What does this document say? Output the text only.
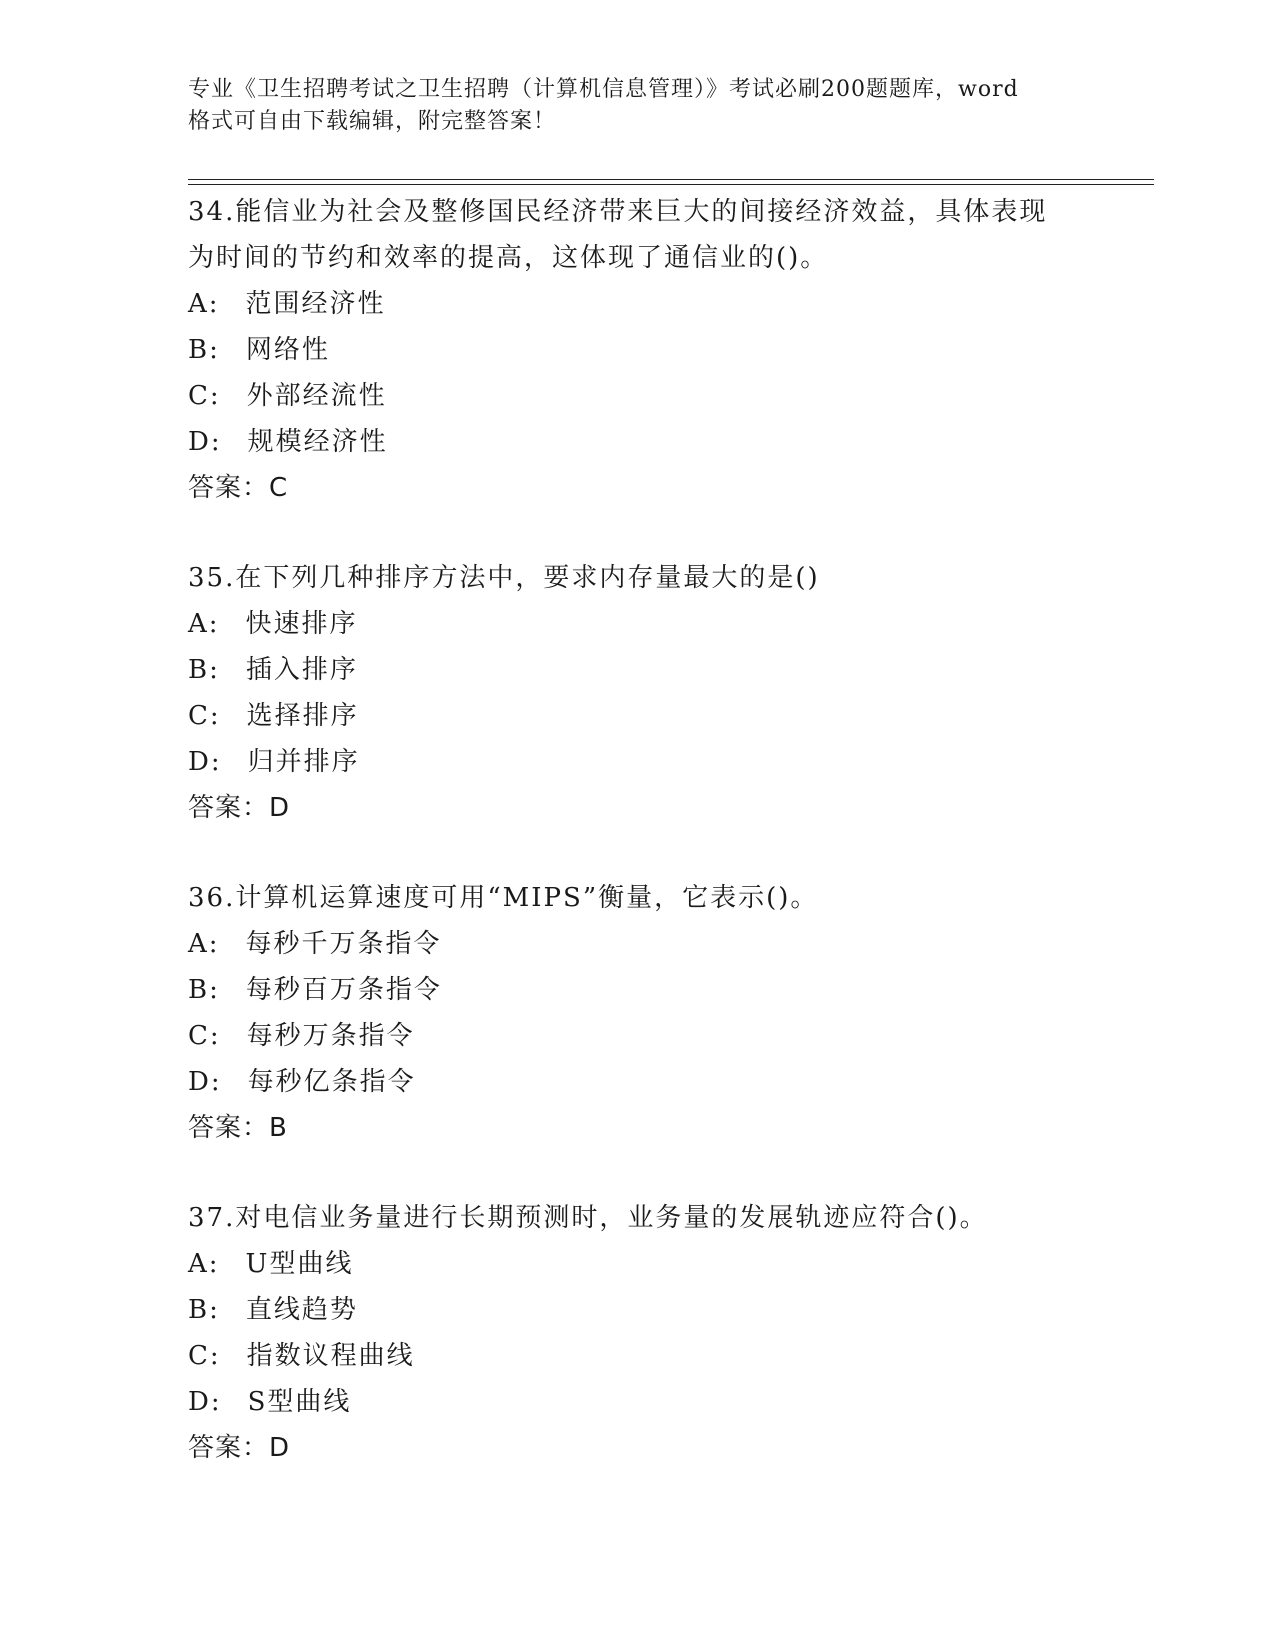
专业《卫生招聘考试之卫生招聘（计算机信息管理）》考试必刷200题题库，word
格式可自由下载编辑，附完整答案！
34.能信业为社会及整修国民经济带来巨大的间接经济效益，具体表现
为时间的节约和效率的提高，这体现了通信业的()。
A: 范围经济性
B: 网络性
C: 外部经流性
D: 规模经济性
答案：C
35.在下列几种排序方法中，要求内存量最大的是()
A: 快速排序
B: 插入排序
C: 选择排序
D: 归并排序
答案：D
36.计算机运算速度可用“MIPS”衡量，它表示()。
A: 每秒千万条指令
B: 每秒百万条指令
C: 每秒万条指令
D: 每秒亿条指令
答案：B
37.对电信业务量进行长期预测时，业务量的发展轨迹应符合()。
A: U型曲线
B: 直线趋势
C: 指数议程曲线
D: S型曲线
答案：D
